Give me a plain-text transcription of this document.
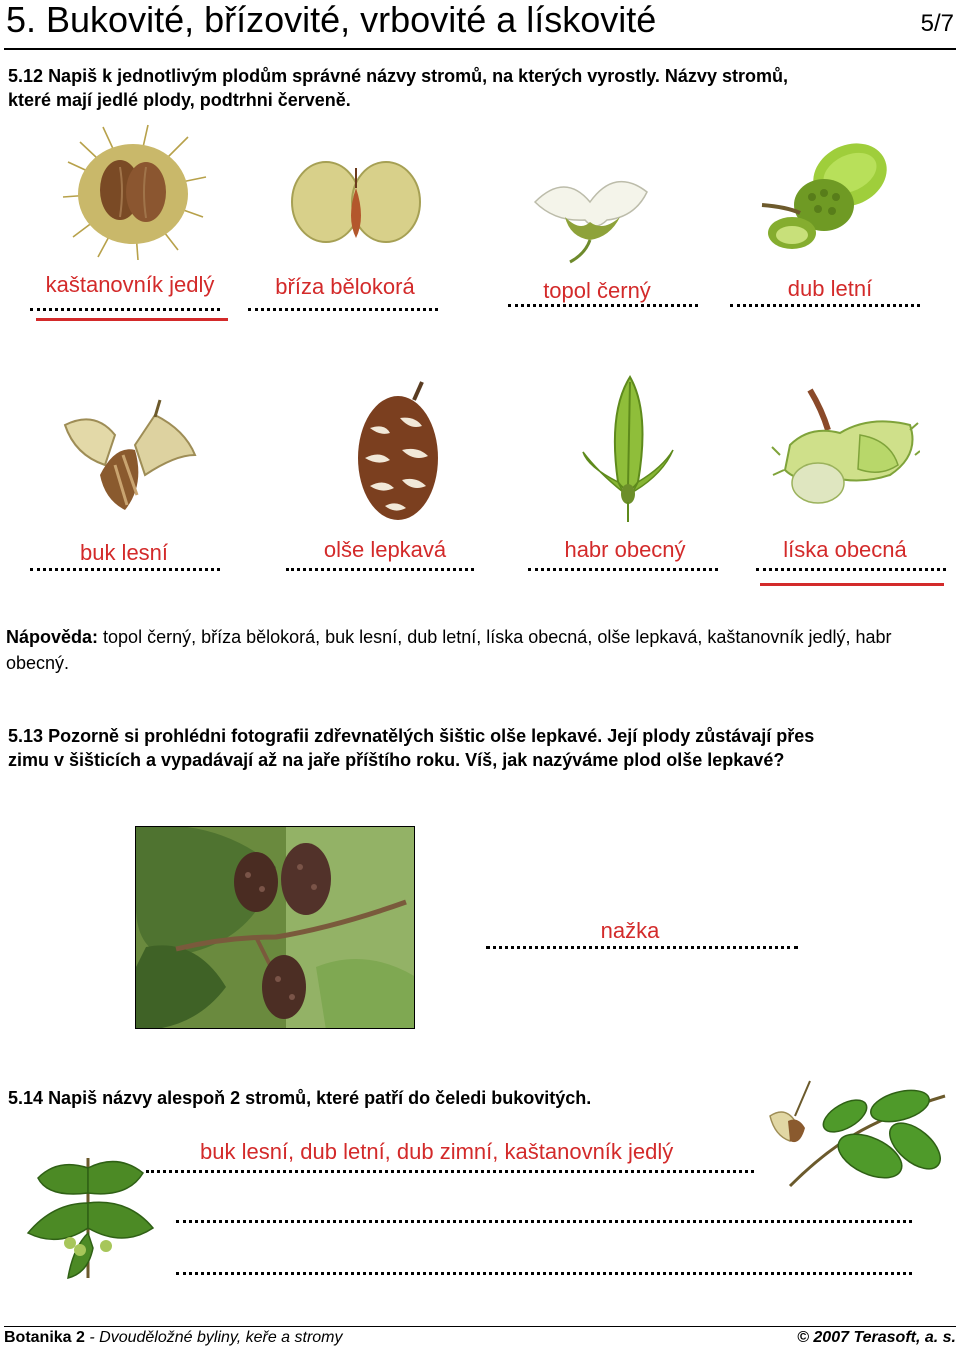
5. Bukovité, břízovité, vrbovité a lískovité	5/7
5.12 Napiš k jednotlivým plodům správné názvy stromů, na kterých vyrostly. Názvy stromů,
které mají jedlé plody, podtrhni červeně.
kaštanovník jedlý	bříza bělokorá	topol černý	dub letní
buk lesní	olše lepkavá	habr obecný	líska obecná
Nápověda: topol černý, bříza bělokorá, buk lesní, dub letní, líska obecná, olše lepkavá, kaštanovník jedlý, habr obecný.
5.13 Pozorně si prohlédni fotografii zdřevnatělých šištic olše lepkavé. Její plody zůstávají přes
zimu v šišticích a vypadávají až na jaře příštího roku. Víš, jak nazýváme plod olše lepkavé?
nažka
5.14 Napiš názvy alespoň 2 stromů, které patří do čeledi bukovitých.
buk lesní, dub letní, dub zimní, kaštanovník jedlý
Botanika 2 - Dvouděložné byliny, keře a stromy	© 2007 Terasoft, a. s.
